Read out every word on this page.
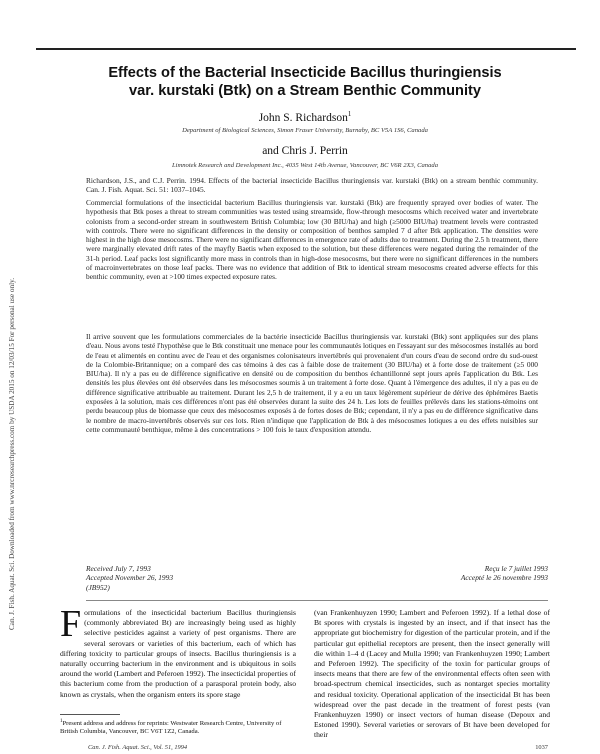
Can. J. Fish. Aquat. Sci. Downloaded from www.nrcresearchpress.com by USDA 2015 on 12/03/15 For personal use only.
Effects of the Bacterial Insecticide Bacillus thuringiensis
var. kurstaki (Btk) on a Stream Benthic Community
John S. Richardson$^1$
Department of Biological Sciences, Simon Fraser University, Burnaby, BC V5A 1S6, Canada
and Chris J. Perrin
Limnotek Research and Development Inc., 4035 West 14th Avenue, Vancouver, BC V6R 2X3, Canada

Richardson, J.S., and C.J. Perrin. 1994. Effects of the bacterial insecticide Bacillus thuringiensis var. kurstaki (Btk) on a stream benthic community. Can. J. Fish. Aquat. Sci. 51: 1037–1045.

Commercial formulations of the insecticidal bacterium Bacillus thuringiensis var. kurstaki (Btk) are frequently sprayed over bodies of water. The hypothesis that Btk poses a threat to stream communities was tested using streamside, flow-through mesocosms which received water and invertebrate colonists from a second-order stream in southwestern British Columbia; low (30 BIU/ha) and high (≥5000 BIU/ha) treatment levels were contrasted with controls. There were no significant differences in the density or composition of benthos sampled 7 d after Btk application. The densities were highest in the high dose mesocosms. There were no significant differences in emergence rate of adults due to treatment. During the 2.5 h treatment, there were marginally elevated drift rates of the mayfly Baetis when exposed to the solution, but these differences were negated during the remainder of the 31-h period. Leaf packs lost significantly more mass in controls than in high-dose mesocosms, but there were no significant differences in the numbers of macroinvertebrates on those leaf packs. There was no evidence that addition of Btk to identical stream mesocosms created adverse effects for this benthic community, even at >100 times expected exposure rates.

Il arrive souvent que les formulations commerciales de la bactérie insecticide Bacillus thuringiensis var. kurstaki (Btk) sont appliquées sur des plans d'eau. Nous avons testé l'hypothèse que le Btk constituait une menace pour les communautés lotiques en l'essayant sur des mésocosmes installés au bord de l'eau et alimentés en continu avec de l'eau et des organismes colonisateurs invertébrés qui provenaient d'un cours d'eau de second ordre du sud-ouest de la Colombie-Britannique; on a comparé des cas témoins à des cas à faible dose de traitement (30 BIU/ha) et à forte dose de traitement (≥5 000 BIU/ha). Il n'y a pas eu de différence significative en densité ou de composition du benthos échantillonné sept jours après l'application du Btk. Les densités les plus élevées ont été observées dans les mésocosmes soumis à un traitement à forte dose. Quant à l'émergence des adultes, il n'y a pas eu de différence significative attribuable au traitement. Durant les 2,5 h de traitement, il y a eu un taux légèrement supérieur de dérive des éphémères Baetis exposées à la solution, mais ces différences n'ont pas été observées durant la suite des 24 h. Les lots de feuilles prélevés dans les stations-témoins ont perdu beaucoup plus de biomasse que ceux des mésocosmes exposés à de fortes doses de Btk; cependant, il n'y a pas eu de différence significative dans le nombre de macro-invertébrés observés sur ces lots. Rien n'indique que l'application de Btk à des mésocosmes lotiques a eu des effets nuisibles sur cette communauté benthique, même à des concentrations > 100 fois le taux d'exposition attendu.

Received July 7, 1993
Accepted November 26, 1993
(JB952)
Reçu le 7 juillet 1993
Accepté le 26 novembre 1993

Formulations of the insecticidal bacterium Bacillus thuringiensis (commonly abbreviated Bt) are increasingly being used as highly selective pesticides against a variety of pest organisms. There are several serovars or varieties of this bacterium, each of which has differing toxicity to particular groups of insects. Bacillus thuringiensis is a naturally occurring bacterium in the environment and is ubiquitous in soils around the world (Lambert and Peferoen 1992). The insecticidal properties of this bacterium come from the production of a parasporal protein body, also known as crystals, when the organism enters its spore stage

(van Frankenhuyzen 1990; Lambert and Peferoen 1992). If a lethal dose of Bt spores with crystals is ingested by an insect, and if that insect has the appropriate gut biochemistry for digestion of the particular protein, and if the particular gut epithelial receptors are present, then the insect generally will die within 1–4 d (Lacey and Mulla 1990; van Frankenhuyzen 1990; Lambert and Peferoen 1992). The specificity of the toxin for particular groups of insects means that there are few of the environmental effects often seen with broad-spectrum chemical insecticides, such as nontarget species mortality and residual toxicity. Operational application of the insecticidal Bt has been widespread over the past decade in the treatment of forest pests (van Frankenhuyzen 1990) or insect vectors of human disease (Depoux and Estoned 1990). Several varieties or serovars of Bt have been developed for their

$^1$Present address and address for reprints: Westwater Research Centre, University of British Columbia, Vancouver, BC V6T 1Z2, Canada.
Can. J. Fish. Aquat. Sci., Vol. 51, 1994	1037
